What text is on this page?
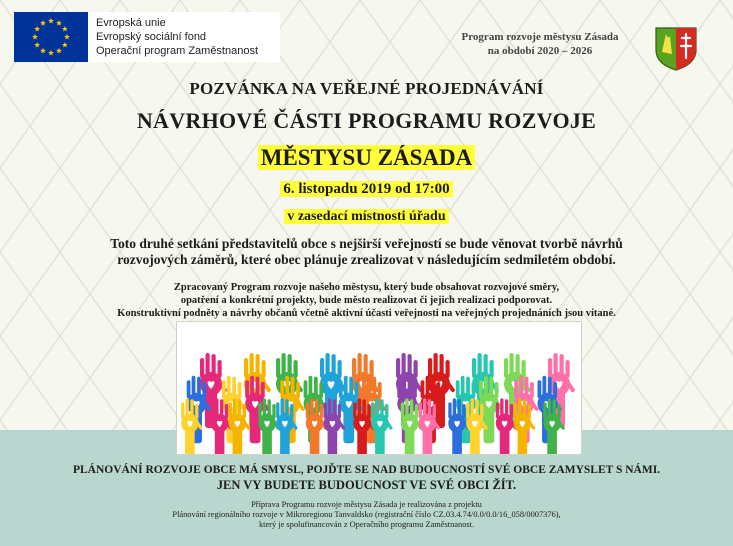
Evropská unie
Evropský sociální fond
Operační program Zaměstnanost
Program rozvoje městysu Zásada
na období 2020 – 2026
POZVÁNKA NA VEŘEJNÉ PROJEDNÁVÁNÍ
NÁVRHOVÉ ČÁSTI PROGRAMU ROZVOJE
MĚSTYSU ZÁSADA
6. listopadu 2019 od 17:00
v zasedací místnosti úřadu
Toto druhé setkání představitelů obce s nejširší veřejností se bude věnovat tvorbě návrhů
rozvojových záměrů, které obec plánuje zrealizovat v následujícím sedmiletém období.
Zpracovaný Program rozvoje našeho městysu, který bude obsahovat rozvojové směry,
opatření a konkrétní projekty, bude město realizovat či jejich realizaci podporovat.
Konstruktivní podněty a návrhy občanů včetně aktivní účasti veřejnosti na veřejných projednáních jsou vítané.
PLÁNOVÁNÍ ROZVOJE OBCE MÁ SMYSL, POJĎTE SE NAD BUDOUCNOSTÍ SVÉ OBCE ZAMYSLET S NÁMI.
JEN VY BUDETE BUDOUCNOST VE SVÉ OBCI ŽÍT.
Příprava Programu rozvoje městysu Zásada je realizována z projektu
Plánování regionálního rozvoje v Mikroregionu Tanvaldsko (registrační číslo CZ.03.4.74/0.0/0.0/16_058/0007376),
který je spolufinancován z Operačního programu Zaměstnanost.
